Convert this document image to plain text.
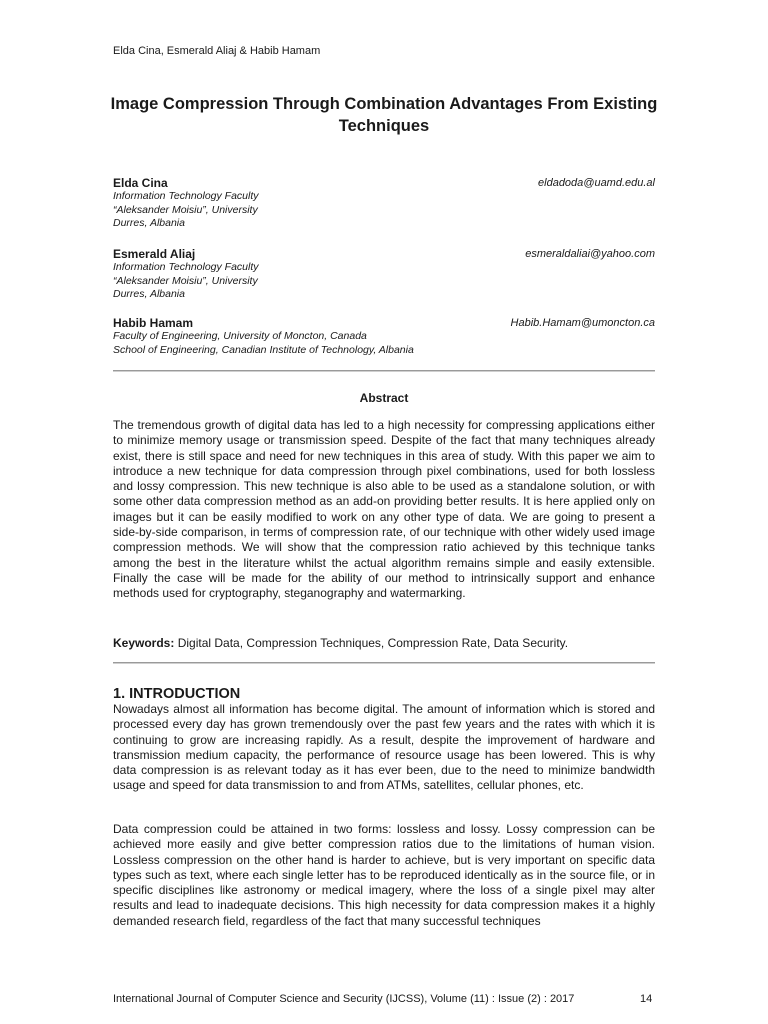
Elda Cina, Esmerald Aliaj & Habib Hamam
Image Compression Through Combination Advantages From Existing Techniques
Elda Cina	eldadoda@uamd.edu.al
Information Technology Faculty
“Aleksander Moisiu”, University
Durres, Albania
Esmerald Aliaj	esmeraldaliai@yahoo.com
Information Technology Faculty
“Aleksander Moisiu”, University
Durres, Albania
Habib Hamam	Habib.Hamam@umoncton.ca
Faculty of Engineering, University of Moncton, Canada
School of Engineering, Canadian Institute of Technology, Albania
Abstract
The tremendous growth of digital data has led to a high necessity for compressing applications either to minimize memory usage or transmission speed. Despite of the fact that many techniques already exist, there is still space and need for new techniques in this area of study. With this paper we aim to introduce a new technique for data compression through pixel combinations, used for both lossless and lossy compression. This new technique is also able to be used as a standalone solution, or with some other data compression method as an add-on providing better results. It is here applied only on images but it can be easily modified to work on any other type of data. We are going to present a side-by-side comparison, in terms of compression rate, of our technique with other widely used image compression methods. We will show that the compression ratio achieved by this technique tanks among the best in the literature whilst the actual algorithm remains simple and easily extensible. Finally the case will be made for the ability of our method to intrinsically support and enhance methods used for cryptography, steganography and watermarking.
Keywords: Digital Data, Compression Techniques, Compression Rate, Data Security.
1. INTRODUCTION
Nowadays almost all information has become digital. The amount of information which is stored and processed every day has grown tremendously over the past few years and the rates with which it is continuing to grow are increasing rapidly. As a result, despite the improvement of hardware and transmission medium capacity, the performance of resource usage has been lowered. This is why data compression is as relevant today as it has ever been, due to the need to minimize bandwidth usage and speed for data transmission to and from ATMs, satellites, cellular phones, etc.
Data compression could be attained in two forms: lossless and lossy. Lossy compression can be achieved more easily and give better compression ratios due to the limitations of human vision. Lossless compression on the other hand is harder to achieve, but is very important on specific data types such as text, where each single letter has to be reproduced identically as in the source file, or in specific disciplines like astronomy or medical imagery, where the loss of a single pixel may alter results and lead to inadequate decisions. This high necessity for data compression makes it a highly demanded research field, regardless of the fact that many successful techniques
International Journal of Computer Science and Security (IJCSS), Volume (11) : Issue (2) : 2017	14
